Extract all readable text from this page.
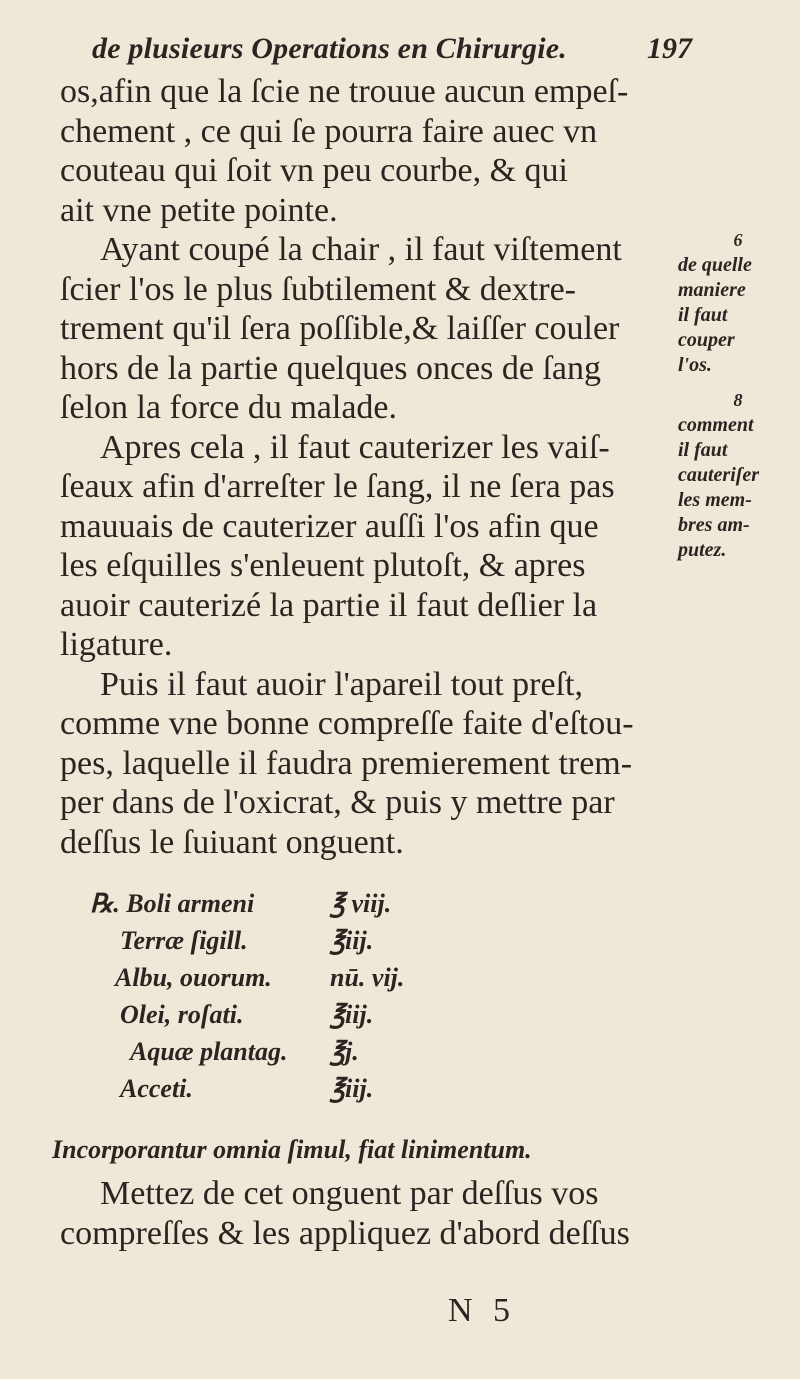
de plusieurs Operations en Chirurgie.	197
os,afin que la ſcie ne trouue aucun empeſ-
chement , ce qui ſe pourra faire auec vn
couteau qui ſoit vn peu courbe, & qui
ait vne petite pointe.
Ayant coupé la chair , il faut viſtement
ſcier l'os le plus ſubtilement & dextre-
trement qu'il ſera poſſible,& laiſſer couler
hors de la partie quelques onces de ſang
ſelon la force du malade.
Apres cela , il faut cauterizer les vaiſ-
ſeaux afin d'arreſter le ſang, il ne ſera pas
mauuais de cauterizer auſſi l'os afin que
les eſquilles s'enleuent plutoſt, & apres
auoir cauterizé la partie il faut deſlier la
ligature.
Puis il faut auoir l'apareil tout preſt,
comme vne bonne compreſſe faite d'eſtou-
pes, laquelle il faudra premierement trem-
per dans de l'oxicrat, & puis y mettre par
deſſus le ſuiuant onguent.
6
de quelle
maniere
il faut
couper
l'os.
8
comment
il faut
cauteriſer
les mem-
bres am-
putez.
℞. Boli armeni	℥ viij.
Terræ ſigill.	℥iij.
Albu, ouorum. nū. vij.
Olei, roſati.	℥iij.
Aquæ plantag. ℥j.
Acceti.	℥iij.
Incorporantur omnia ſimul, fiat linimentum.
Mettez de cet onguent par deſſus vos
compreſſes & les appliquez d'abord deſſus
N 5
